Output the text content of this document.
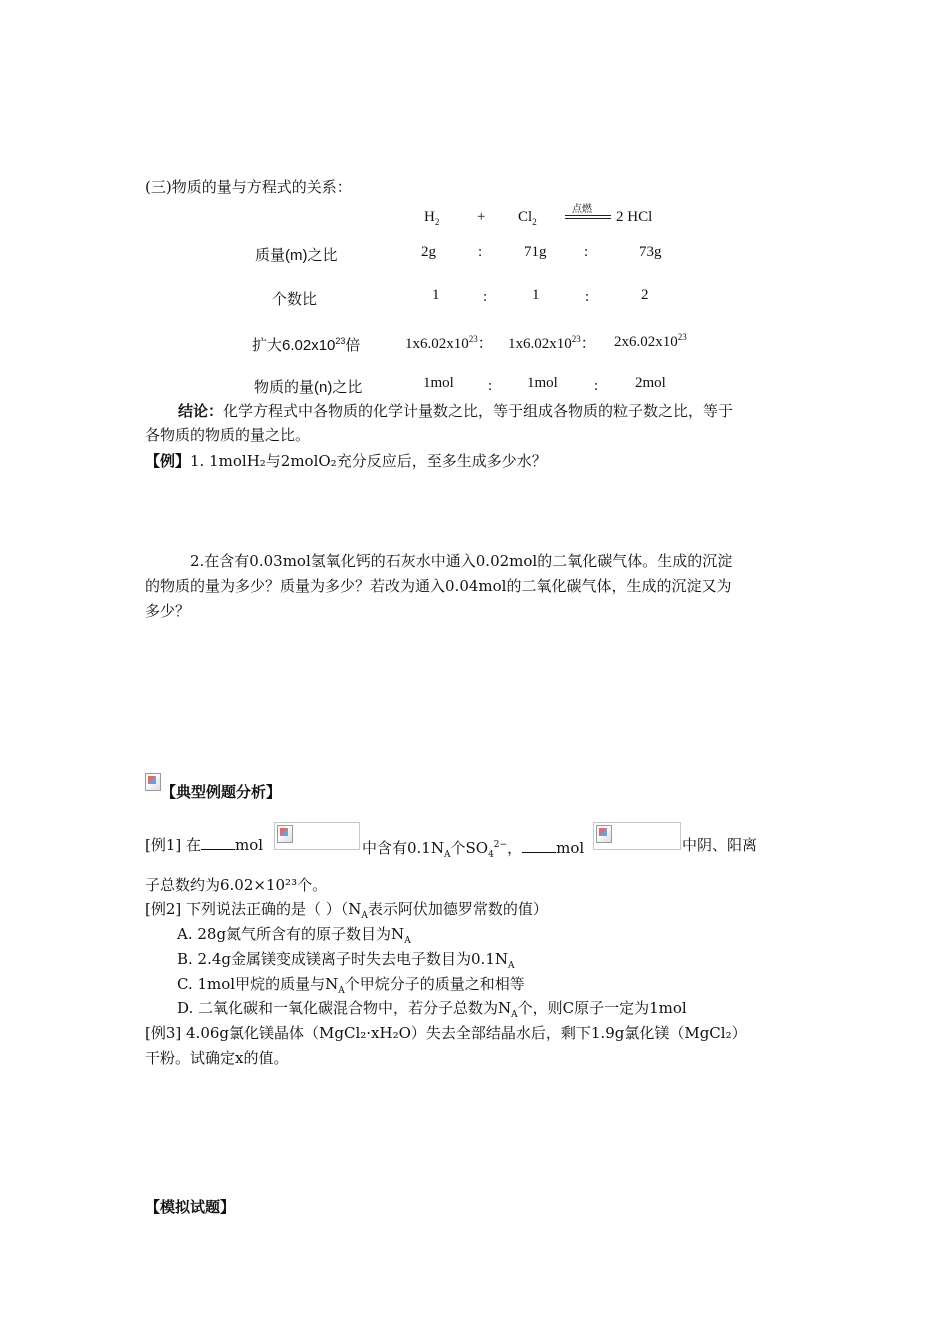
(三)物质的量与方程式的关系：
$H_2$	+ $Cl_2$
点燃 2 HCl
质量(m)之比	2g	:	71g	:	73g
个数比	1	:	1	:	2
扩大$6.02x10^{23}$倍	$1x6.02x10^{23}$： $1x6.02x10^{23}$： $2x6.02x10^{23}$
物质的量(n)之比	1mol : 1mol : 2mol
结论：化学方程式中各物质的化学计量数之比，等于组成各物质的粒子数之比，等于
各物质的物质的量之比。
【例】1. 1molH₂与2molO₂充分反应后，至多生成多少水？
2.在含有0.03mol氢氧化钙的石灰水中通入0.02mol的二氧化碳气体。生成的沉淀
的物质的量为多少？质量为多少？若改为通入0.04mol的二氧化碳气体，生成的沉淀又为
多少？
【典型例题分析】
[例1] 在 mol	中含有$0.1N_A$个$SO_4^{2-}$， mol	中阴、阳离
子总数约为6.02×10²³个。
[例2] 下列说法正确的是（ ）（$N_A$表示阿伏加德罗常数的值）
A. 28g氮气所含有的原子数目为$N_A$
B. 2.4g金属镁变成镁离子时失去电子数目为$0.1N_A$
C. 1mol甲烷的质量与$N_A$个甲烷分子的质量之和相等
D. 二氧化碳和一氧化碳混合物中，若分子总数为$N_A$个，则C原子一定为1mol
[例3] 4.06g氯化镁晶体（MgCl₂·xH₂O）失去全部结晶水后，剩下1.9g氯化镁（MgCl₂）
干粉。试确定x的值。
【模拟试题】
